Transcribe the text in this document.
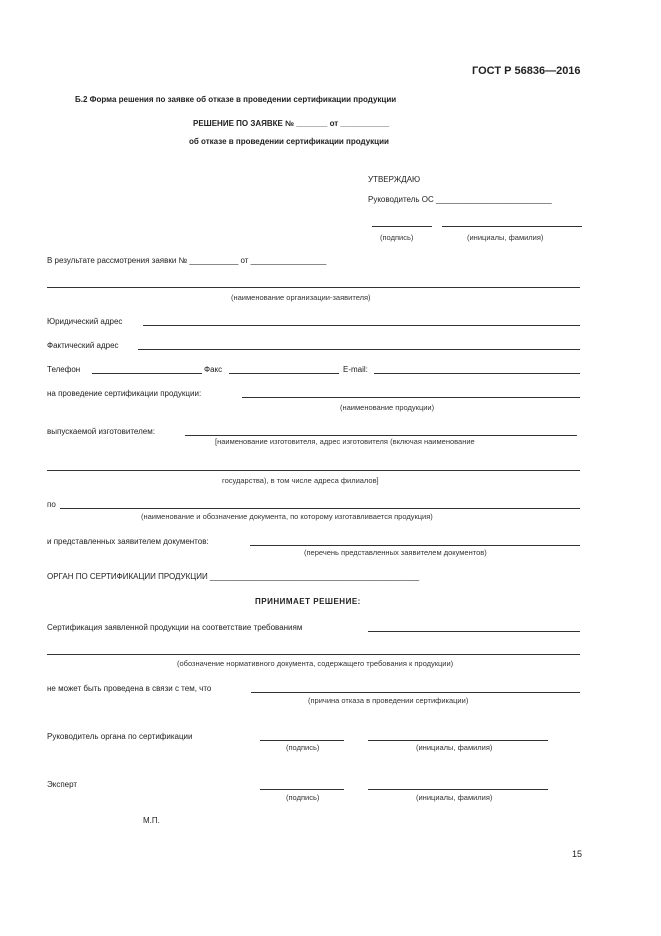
ГОСТ Р 56836—2016
Б.2 Форма решения по заявке об отказе в проведении сертификации продукции
РЕШЕНИЕ ПО ЗАЯВКЕ № _______ от ___________
об отказе в проведении сертификации продукции
УТВЕРЖДАЮ
Руководитель ОС __________________________
(подпись)	(инициалы, фамилия)
В результате рассмотрения заявки № ___________ от _________________
(наименование организации-заявителя)
Юридический адрес
Фактический адрес
Телефон	Факс	E-mail:
на проведение сертификации продукции:
(наименование продукции)
выпускаемой изготовителем:
[наименование изготовителя, адрес изготовителя (включая наименование
государства), в том числе адреса филиалов]
по
(наименование и обозначение документа, по которому изготавливается продукция)
и представленных заявителем документов:
(перечень представленных заявителем документов)
ОРГАН ПО СЕРТИФИКАЦИИ ПРОДУКЦИИ _______________________________________________
ПРИНИМАЕТ РЕШЕНИЕ:
Сертификация заявленной продукции на соответствие требованиям
(обозначение нормативного документа, содержащего требования к продукции)
не может быть проведена в связи с тем, что
(причина отказа в проведении сертификации)
Руководитель органа по сертификации
(подпись)	(инициалы, фамилия)
Эксперт
(подпись)	(инициалы, фамилия)
М.П.
15
